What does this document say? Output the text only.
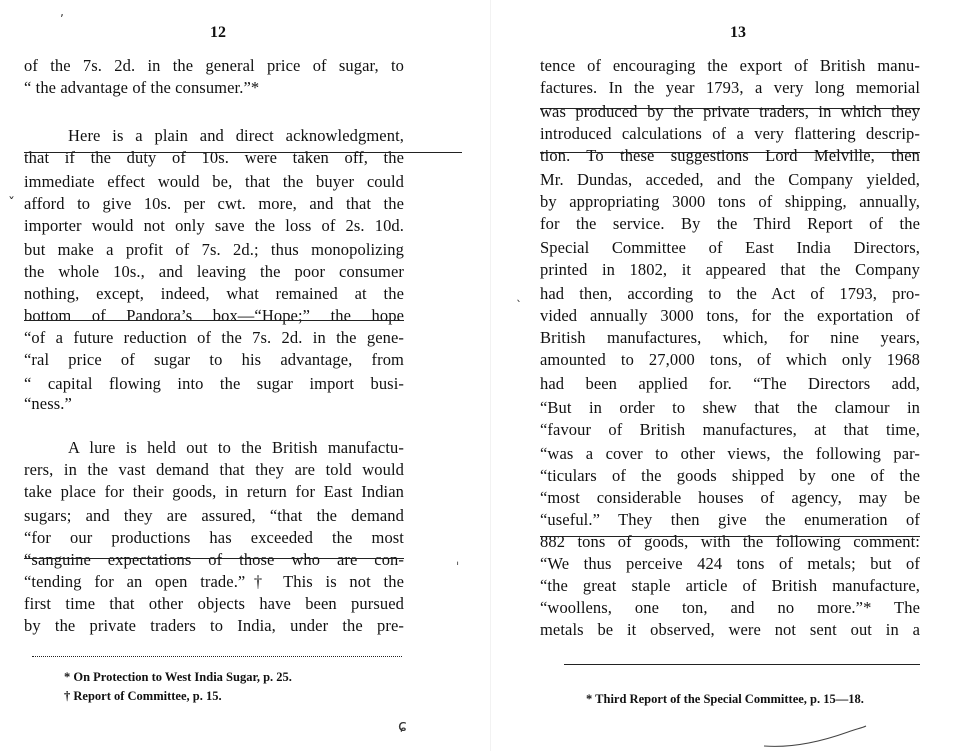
ʼ
ˇ
ˎ
ˈ
ɕ
12
of the 7s. 2d. in the general price of sugar, to
“ the advantage of the consumer.”*
Here is a plain and direct acknowledgment,
that if the duty of 10s. were taken off, the
immediate effect would be, that the buyer could
afford to give 10s. per cwt. more, and that the
importer would not only save the loss of 2s. 10d.
but make a profit of 7s. 2d.; thus monopolizing
the whole 10s., and leaving the poor consumer
nothing, except, indeed, what remained at the
bottom of Pandora’s box—“Hope;” the hope
“of a future reduction of the 7s. 2d. in the gene-
“ral price of sugar to his advantage, from
“ capital flowing into the sugar import busi-
“ness.”
A lure is held out to the British manufactu-
rers, in the vast demand that they are told would
take place for their goods, in return for East Indian
sugars; and they are assured, “that the demand
“for our productions has exceeded the most
“sanguine expectations of those who are con-
“tending for an open trade.”† This is not the
first time that other objects have been pursued
by the private traders to India, under the pre-
* On Protection to West India Sugar, p. 25.
† Report of Committee, p. 15.
13
tence of encouraging the export of British manu-
factures. In the year 1793, a very long memorial
was produced by the private traders, in which they
introduced calculations of a very flattering descrip-
tion. To these suggestions Lord Melville, then
Mr. Dundas, acceded, and the Company yielded,
by appropriating 3000 tons of shipping, annually,
for the service. By the Third Report of the
Special Committee of East India Directors,
printed in 1802, it appeared that the Company
had then, according to the Act of 1793, pro-
vided annually 3000 tons, for the exportation of
British manufactures, which, for nine years,
amounted to 27,000 tons, of which only 1968
had been applied for. “The Directors add,
“But in order to shew that the clamour in
“favour of British manufactures, at that time,
“was a cover to other views, the following par-
“ticulars of the goods shipped by one of the
“most considerable houses of agency, may be
“useful.” They then give the enumeration of
882 tons of goods, with the following comment:
“We thus perceive 424 tons of metals; but of
“the great staple article of British manufacture,
“woollens, one ton, and no more.”* The
metals be it observed, were not sent out in a
* Third Report of the Special Committee, p. 15—18.
